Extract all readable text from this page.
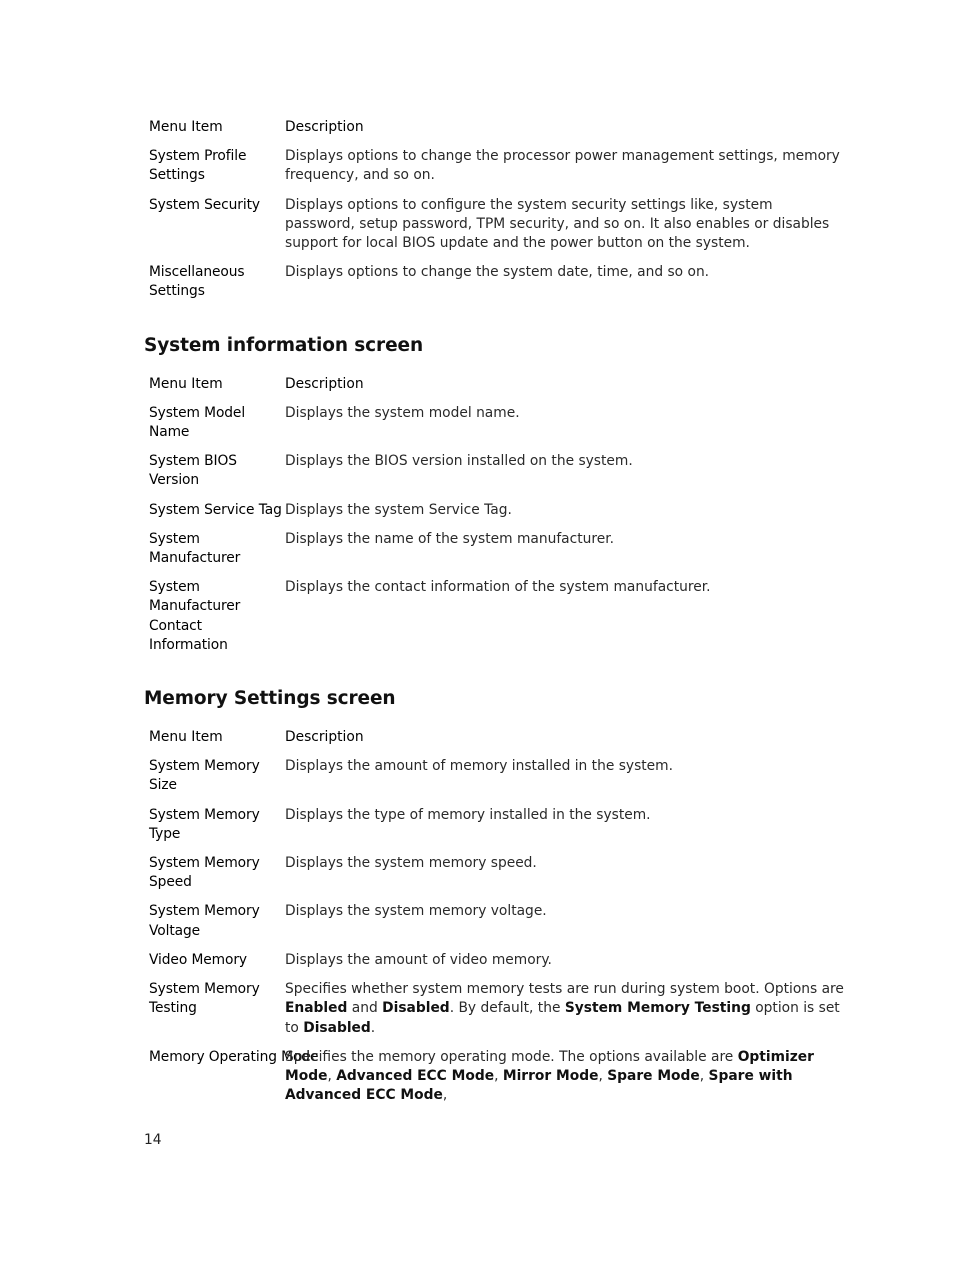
Menu Item	Description
System Profile Settings	Displays options to change the processor power management settings, memory frequency, and so on.
System Security	Displays options to configure the system security settings like, system password, setup password, TPM security, and so on. It also enables or disables support for local BIOS update and the power button on the system.
Miscellaneous Settings	Displays options to change the system date, time, and so on.
System information screen
Menu Item	Description
System Model Name	Displays the system model name.
System BIOS Version	Displays the BIOS version installed on the system.
System Service Tag	Displays the system Service Tag.
System Manufacturer	Displays the name of the system manufacturer.
System Manufacturer Contact Information	Displays the contact information of the system manufacturer.
Memory Settings screen
Menu Item	Description
System Memory Size	Displays the amount of memory installed in the system.
System Memory Type	Displays the type of memory installed in the system.
System Memory Speed	Displays the system memory speed.
System Memory Voltage	Displays the system memory voltage.
Video Memory	Displays the amount of video memory.
System Memory Testing	Specifies whether system memory tests are run during system boot. Options are Enabled and Disabled. By default, the System Memory Testing option is set to Disabled.
Memory Operating Mode	Specifies the memory operating mode. The options available are Optimizer Mode, Advanced ECC Mode, Mirror Mode, Spare Mode, Spare with Advanced ECC Mode,
14
